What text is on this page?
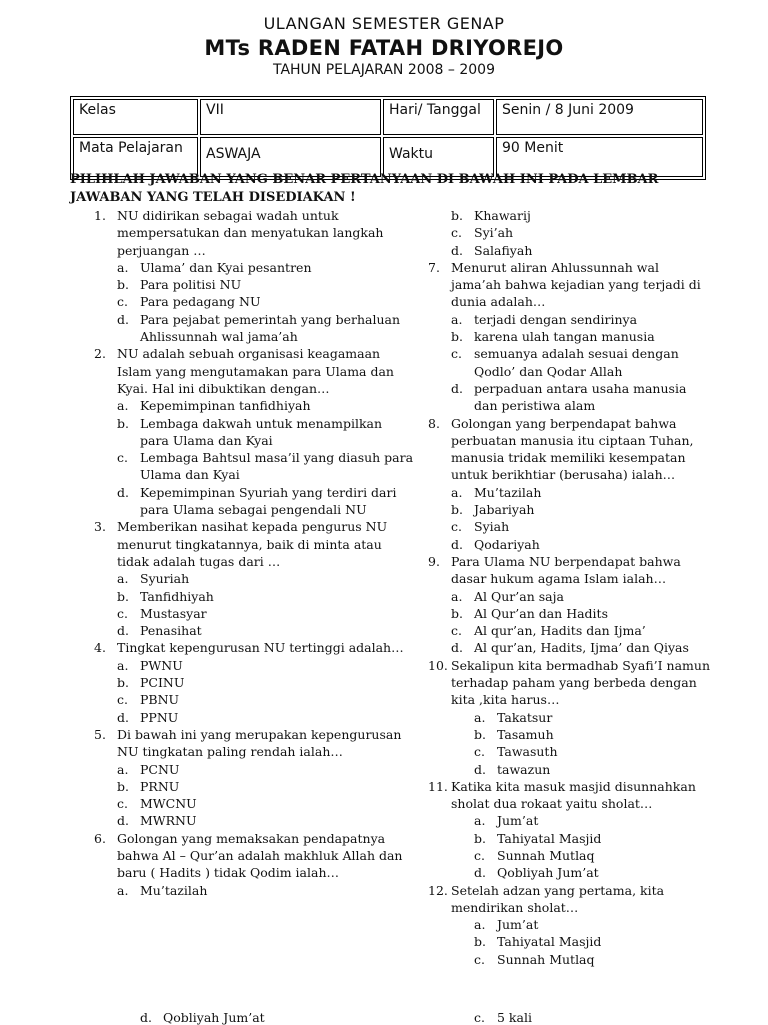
ULANGAN SEMESTER GENAP
MTs RADEN FATAH DRIYOREJO
TAHUN PELAJARAN 2008 – 2009
Kelas	VII	Hari/ Tanggal	Senin / 8 Juni 2009
Mata Pelajaran	ASWAJA	Waktu	90 Menit
PILIHLAH JAWABAN YANG BENAR PERTANYAAN DI BAWAH INI PADA LEMBAR JAWABAN YANG TELAH DISEDIAKAN !
1. NU didirikan sebagai wadah untuk mempersatukan dan menyatukan langkah perjuangan …
a. Ulama’ dan Kyai pesantren
b. Para politisi NU
c. Para pedagang NU
d. Para pejabat pemerintah yang berhaluan Ahlissunnah wal jama’ah
2. NU adalah sebuah organisasi keagamaan Islam yang mengutamakan para Ulama dan Kyai. Hal ini dibuktikan dengan…
a. Kepemimpinan tanfidhiyah
b. Lembaga dakwah untuk menampilkan para Ulama dan Kyai
c. Lembaga Bahtsul masa’il yang diasuh para Ulama dan Kyai
d. Kepemimpinan Syuriah yang terdiri dari para Ulama sebagai pengendali NU
3. Memberikan nasihat kepada pengurus NU menurut tingkatannya, baik di minta atau tidak adalah tugas dari …
a. Syuriah
b. Tanfidhiyah
c. Mustasyar
d. Penasihat
4. Tingkat kepengurusan NU tertinggi adalah…
a. PWNU
b. PCINU
c. PBNU
d. PPNU
5. Di bawah ini yang merupakan kepengurusan NU tingkatan paling rendah ialah…
a. PCNU
b. PRNU
c. MWCNU
d. MWRNU
6. Golongan yang memaksakan pendapatnya bahwa Al – Qur’an adalah makhluk Allah dan baru ( Hadits ) tidak Qodim ialah…
a. Mu’tazilah
b. Khawarij
c. Syi’ah
d. Salafiyah
7. Menurut aliran Ahlussunnah wal jama’ah bahwa kejadian yang terjadi di dunia adalah…
a. terjadi dengan sendirinya
b. karena ulah tangan manusia
c. semuanya adalah sesuai dengan Qodlo’ dan Qodar Allah
d. perpaduan antara usaha manusia dan peristiwa alam
8. Golongan yang berpendapat bahwa perbuatan manusia itu ciptaan Tuhan, manusia tridak memiliki kesempatan untuk berikhtiar (berusaha) ialah…
a. Mu’tazilah
b. Jabariyah
c. Syiah
d. Qodariyah
9. Para Ulama NU berpendapat bahwa dasar hukum agama Islam ialah…
a. Al Qur’an saja
b. Al Qur’an dan Hadits
c. Al qur’an, Hadits dan Ijma’
d. Al qur’an, Hadits, Ijma’ dan Qiyas
10. Sekalipun kita bermadhab Syafi’I namun terhadap paham yang berbeda dengan kita ,kita harus…
a. Takatsur
b. Tasamuh
c. Tawasuth
d. tawazun
11. Katika kita masuk masjid disunnahkan sholat dua rokaat yaitu sholat…
a. Jum’at
b. Tahiyatal Masjid
c. Sunnah Mutlaq
d. Qobliyah Jum’at
12. Setelah adzan yang pertama, kita mendirikan sholat…
a. Jum’at
b. Tahiyatal Masjid
c. Sunnah Mutlaq
d. Qobliyah Jum’at	c. 5 kali
